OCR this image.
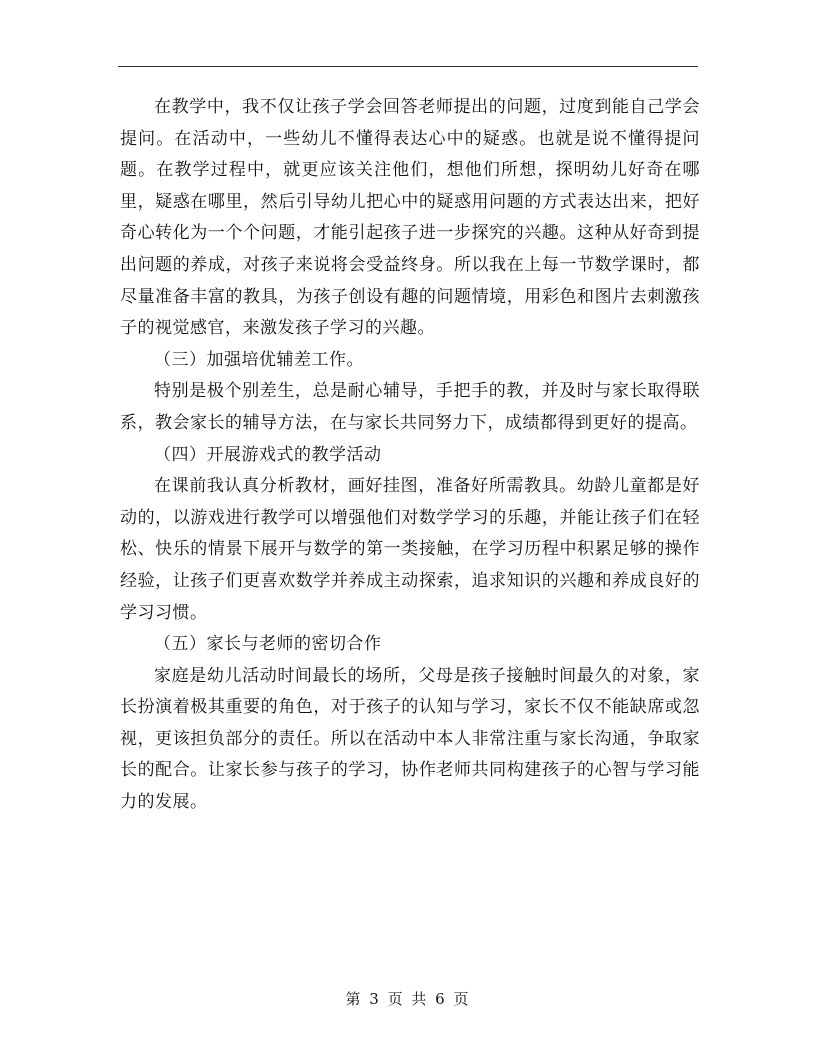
在教学中，我不仅让孩子学会回答老师提出的问题，过度到能自己学会提问。在活动中，一些幼儿不懂得表达心中的疑惑。也就是说不懂得提问题。在教学过程中，就更应该关注他们，想他们所想，探明幼儿好奇在哪里，疑惑在哪里，然后引导幼儿把心中的疑惑用问题的方式表达出来，把好奇心转化为一个个问题，才能引起孩子进一步探究的兴趣。这种从好奇到提出问题的养成，对孩子来说将会受益终身。所以我在上每一节数学课时，都尽量准备丰富的教具，为孩子创设有趣的问题情境，用彩色和图片去刺激孩子的视觉感官，来激发孩子学习的兴趣。

（三）加强培优辅差工作。

特别是极个别差生，总是耐心辅导，手把手的教，并及时与家长取得联系，教会家长的辅导方法，在与家长共同努力下，成绩都得到更好的提高。

（四）开展游戏式的教学活动

在课前我认真分析教材，画好挂图，准备好所需教具。幼龄儿童都是好动的，以游戏进行教学可以增强他们对数学学习的乐趣，并能让孩子们在轻松、快乐的情景下展开与数学的第一类接触，在学习历程中积累足够的操作经验，让孩子们更喜欢数学并养成主动探索，追求知识的兴趣和养成良好的学习习惯。

（五）家长与老师的密切合作

家庭是幼儿活动时间最长的场所，父母是孩子接触时间最久的对象，家长扮演着极其重要的角色，对于孩子的认知与学习，家长不仅不能缺席或忽视，更该担负部分的责任。所以在活动中本人非常注重与家长沟通，争取家长的配合。让家长参与孩子的学习，协作老师共同构建孩子的心智与学习能力的发展。

第 3 页 共 6 页
